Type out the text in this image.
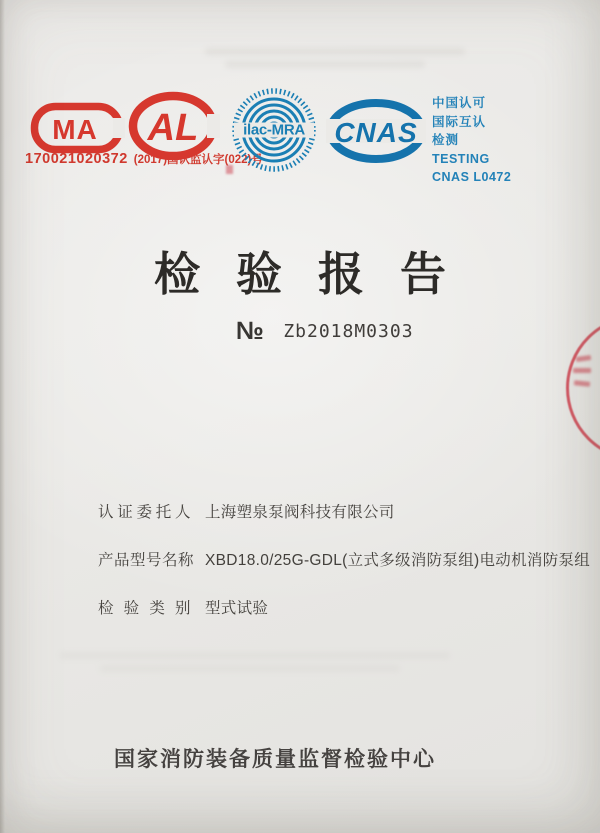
MA
170021020372 (2017)国认监认字(022)号
AL	ilac-MRA CNAS
中国认可
国际互认
检测
TESTING
CNAS L0472
检验报告
№ Zb2018M0303
认证委托人 上海塑泉泵阀科技有限公司
产品型号名称 XBD18.0/25G-GDL(立式多级消防泵组)电动机消防泵组
检验类别 型式试验
国家消防装备质量监督检验中心
